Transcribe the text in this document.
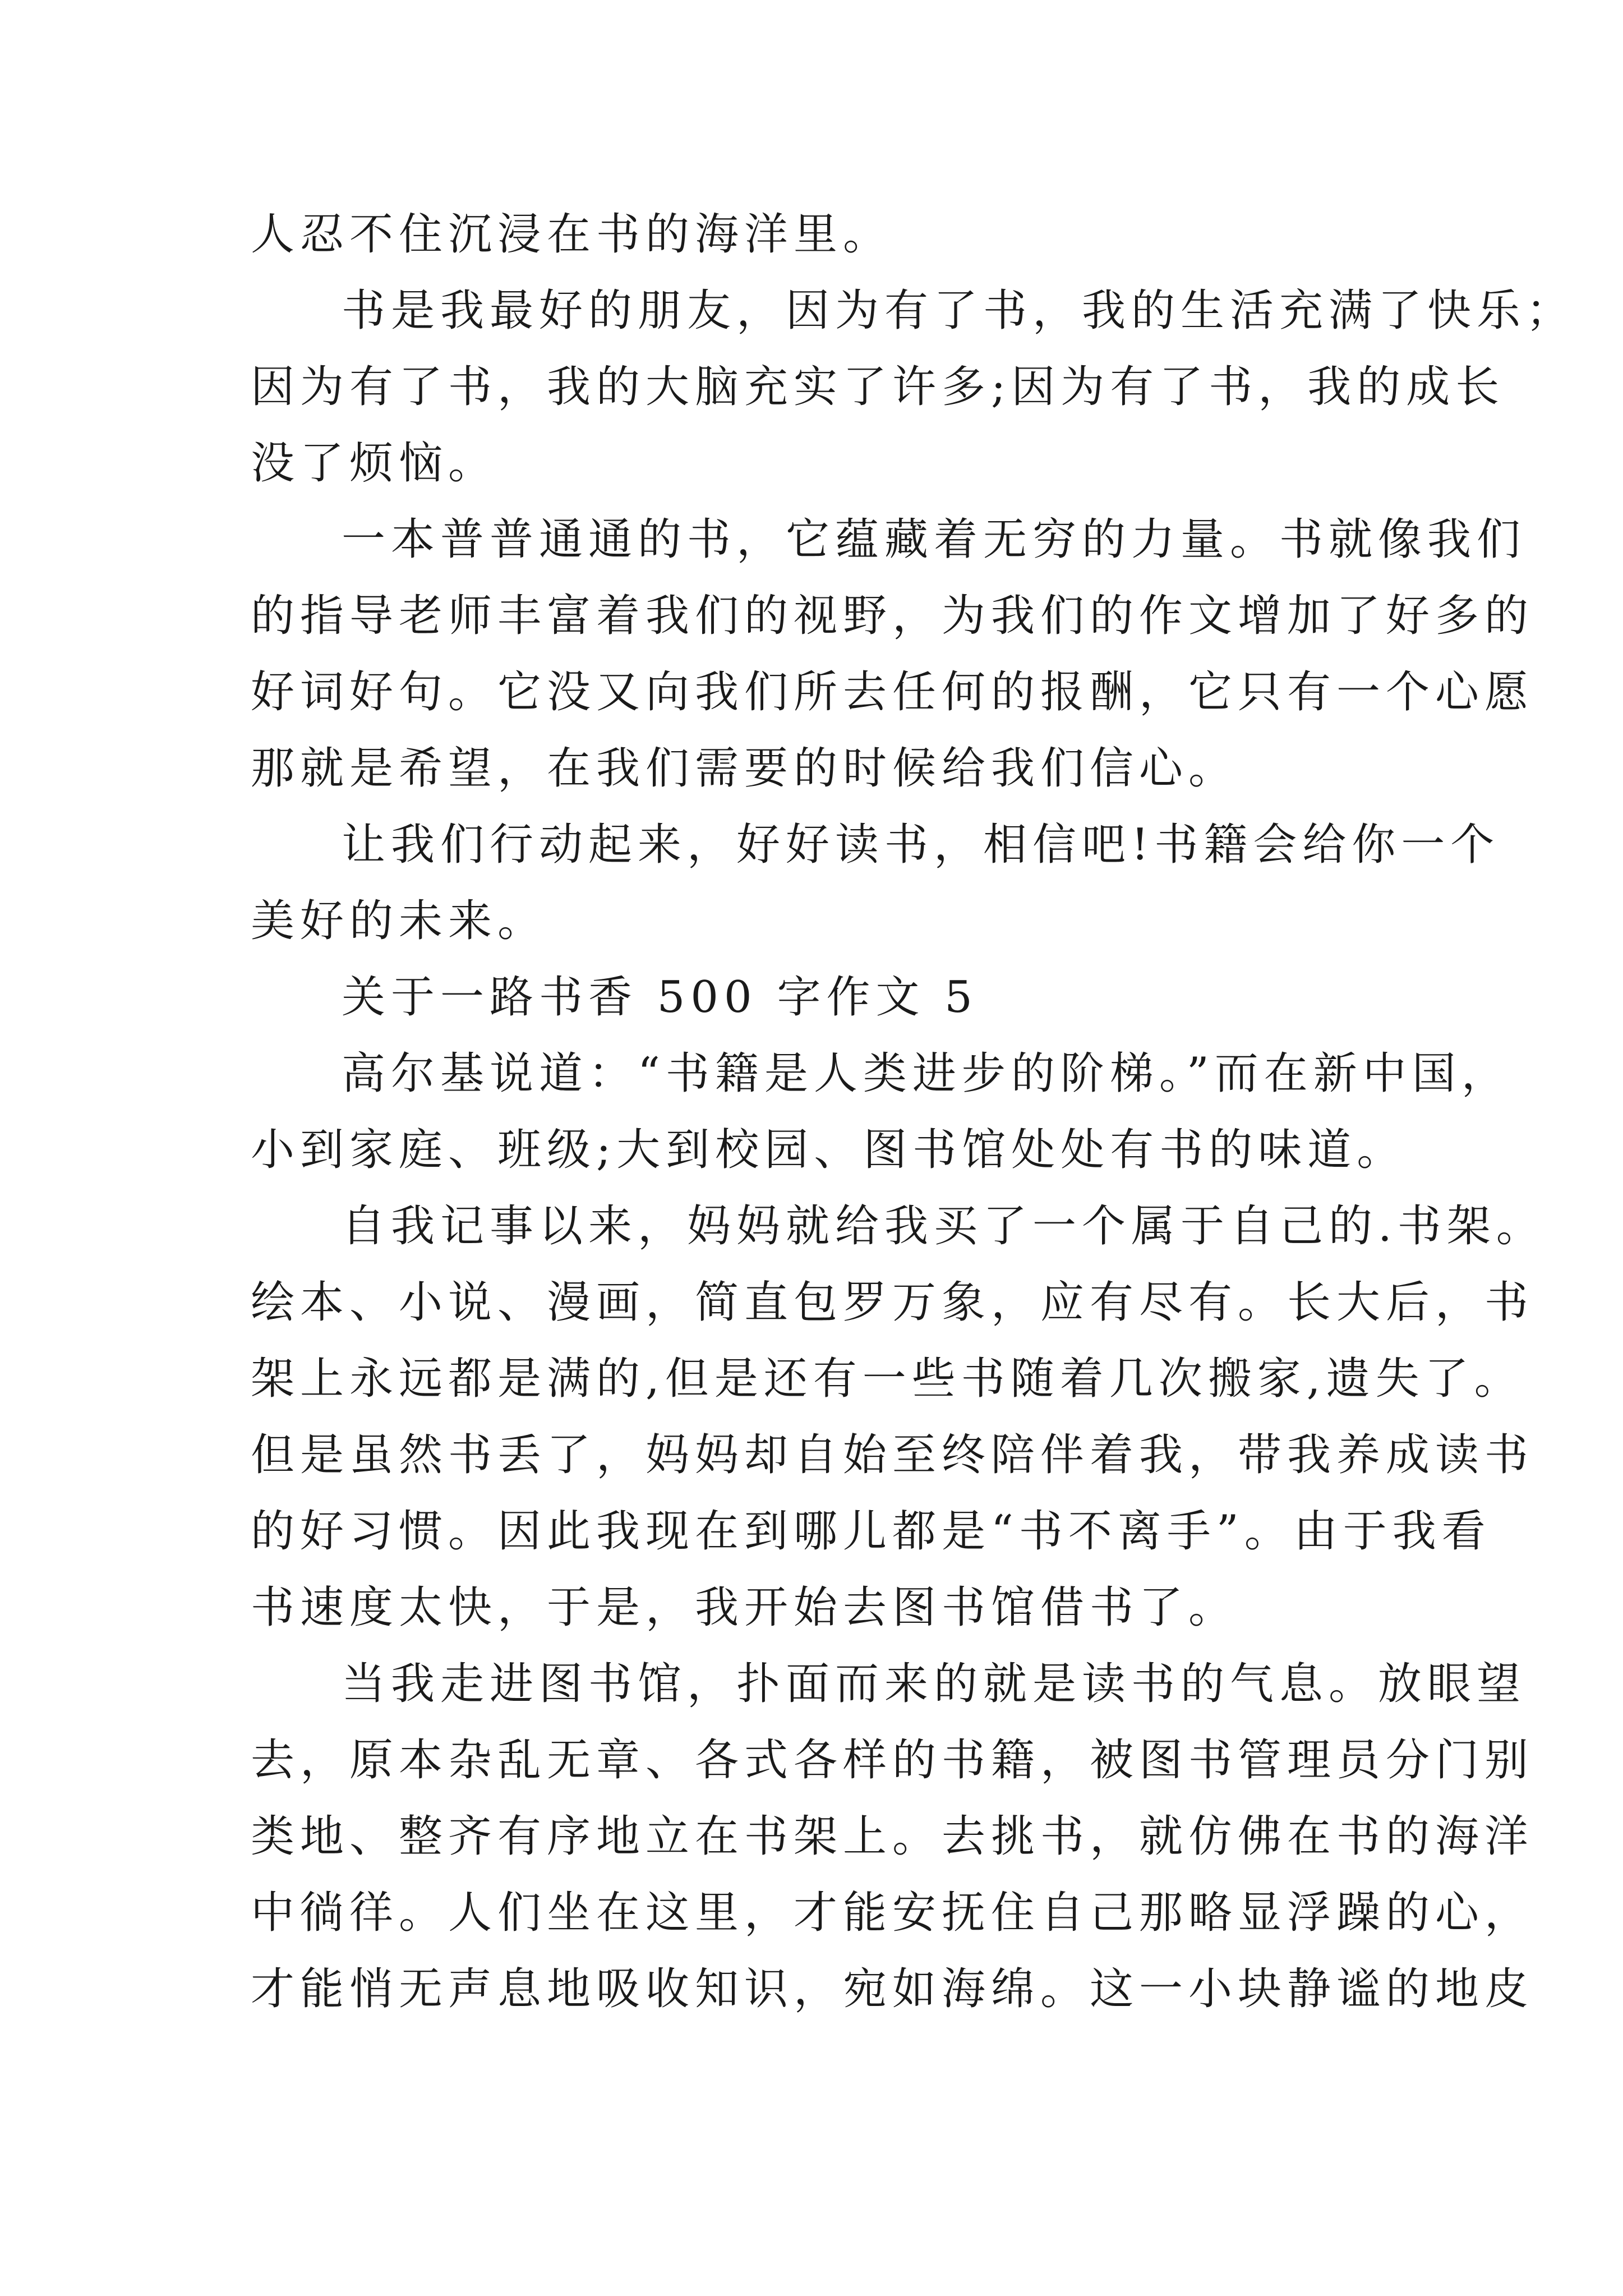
人忍不住沉浸在书的海洋里。
书是我最好的朋友，因为有了书，我的生活充满了快乐；
因为有了书，我的大脑充实了许多;因为有了书，我的成长
没了烦恼。
一本普普通通的书，它蕴藏着无穷的力量。书就像我们
的指导老师丰富着我们的视野，为我们的作文增加了好多的
好词好句。它没又向我们所去任何的报酬，它只有一个心愿
那就是希望，在我们需要的时候给我们信心。
让我们行动起来，好好读书，相信吧!书籍会给你一个
美好的未来。
关于一路书香 500 字作文 5
高尔基说道：“书籍是人类进步的阶梯。”而在新中国，
小到家庭、班级;大到校园、图书馆处处有书的味道。
自我记事以来，妈妈就给我买了一个属于自己的.书架。
绘本、小说、漫画，简直包罗万象，应有尽有。长大后，书
架上永远都是满的,但是还有一些书随着几次搬家,遗失了。
但是虽然书丢了，妈妈却自始至终陪伴着我，带我养成读书
的好习惯。因此我现在到哪儿都是“书不离手”。由于我看
书速度太快，于是，我开始去图书馆借书了。
当我走进图书馆，扑面而来的就是读书的气息。放眼望
去，原本杂乱无章、各式各样的书籍，被图书管理员分门别
类地、整齐有序地立在书架上。去挑书，就仿佛在书的海洋
中徜徉。人们坐在这里，才能安抚住自己那略显浮躁的心，
才能悄无声息地吸收知识，宛如海绵。这一小块静谧的地皮
